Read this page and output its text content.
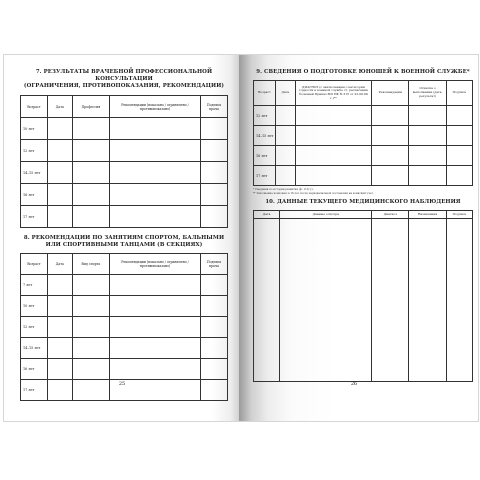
7. РЕЗУЛЬТАТЫ ВРАЧЕБНОЙ ПРОФЕССИОНАЛЬНОЙ КОНСУЛЬТАЦИИ
(ОГРАНИЧЕНИЯ, ПРОТИВОПОКАЗАНИЯ, РЕКОМЕНДАЦИИ)
Возраст	Дата	Профессия	Рекомендации (показано / ограничено / противопоказано)	Подпись врача
10 лет				
12 лет				
14–15 лет				
16 лет				
17 лет				
8. РЕКОМЕНДАЦИИ ПО ЗАНЯТИЯМ СПОРТОМ, БАЛЬНЫМИ
ИЛИ СПОРТИВНЫМИ ТАНЦАМИ (В СЕКЦИЯХ)
Возраст	Дата	Вид спорта	Рекомендации (показано / ограничено / противопоказано)	Подпись врача
7 лет				
10 лет				
12 лет				
14–15 лет				
16 лет				
17 лет				
25
9. СВЕДЕНИЯ О ПОДГОТОВКЕ ЮНОШЕЙ К ВОЕННОЙ СЛУЖБЕ*
Возраст	Дата	ДИАГНОЗ (с заключением о категории годности к военной службе ст. расписания болезней Приказ МО РФ № 315 от 22.09.99 г.)**	Рекомендации	Отметка о выполнении (дата, результат)	Подпись
12 лет					
14–15 лет					
16 лет					
17 лет					
* Сведения по истории развития (ф. 112/ у).
** Заполнение возможно в 16 лет после первоначальной постановки на воинский учет.
10. ДАННЫЕ ТЕКУЩЕГО МЕДИЦИНСКОГО НАБЛЮДЕНИЯ
Дата	Данные осмотра	Диагноз	Назначения	Подпись

26
